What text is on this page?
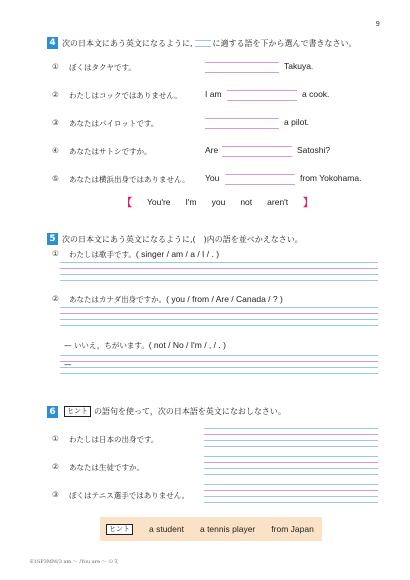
9
4 次の日本文にあう英文になるように,	に適する語を下から選んで書きなさい。
① ぼくはタクヤです。	Takuya.
② わたしはコックではありません。	I am	a cook.
③ あなたはパイロットです。	a pilot.
④ あなたはサトシですか。	Are	Satoshi?
⑤ あなたは横浜出身ではありません。 You	from Yokohama.
【 You're I'm you not aren't 】
5 次の日本文にあう英文になるように,(　)内の語を並べかえなさい。
① わたしは歌手です。( singer / am / a / I / . )
② あなたはカナダ出身ですか。( you / from / Are / Canada / ? )
— いいえ，ちがいます。( not / No / I'm / , / . )
—
6	ヒント の語句を使って，次の日本語を英文になおしなさい。
① わたしは日本の出身です。
② あなたは生徒ですか。
③ ぼくはテニス選手ではありません。
ヒント	a student a tennis player from Japan
E1SP3MM/3 am ～ /You are ～ の文
